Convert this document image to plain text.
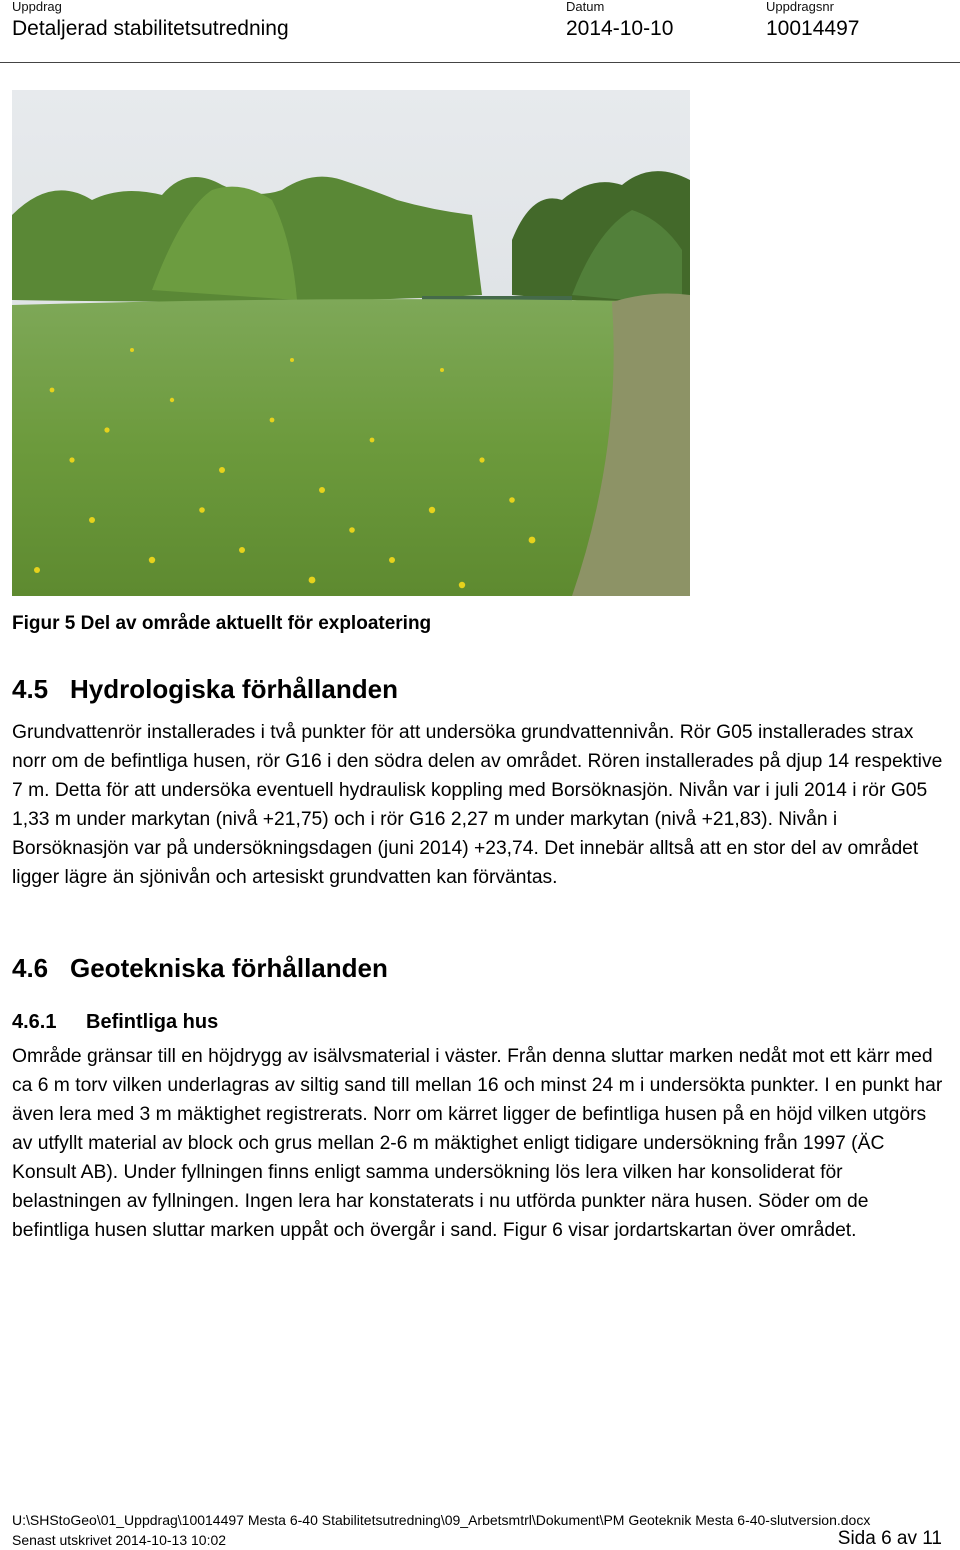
Uppdrag
Detaljerad stabilitetsutredning
Datum
2014-10-10
Uppdragsnr
10014497
Figur 5 Del av område aktuellt för exploatering
4.5 Hydrologiska förhållanden

Grundvattenrör installerades i två punkter för att undersöka grundvattennivån. Rör G05 installerades strax norr om de befintliga husen, rör G16 i den södra delen av området. Rören installerades på djup 14 respektive 7 m. Detta för att undersöka eventuell hydraulisk koppling med Borsöknasjön. Nivån var i juli 2014 i rör G05 1,33 m under markytan (nivå +21,75) och i rör G16 2,27 m under markytan (nivå +21,83). Nivån i Borsöknasjön var på undersökningsdagen (juni 2014) +23,74. Det innebär alltså att en stor del av området ligger lägre än sjönivån och artesiskt grundvatten kan förväntas.

4.6 Geotekniska förhållanden
4.6.1 Befintliga hus

Område gränsar till en höjdrygg av isälvsmaterial i väster. Från denna sluttar marken nedåt mot ett kärr med ca 6 m torv vilken underlagras av siltig sand till mellan 16 och minst 24 m i undersökta punkter. I en punkt har även lera med 3 m mäktighet registrerats. Norr om kärret ligger de befintliga husen på en höjd vilken utgörs av utfyllt material av block och grus mellan 2-6 m mäktighet enligt tidigare undersökning från 1997 (ÄC Konsult AB). Under fyllningen finns enligt samma undersökning lös lera vilken har konsoliderat för belastningen av fyllningen. Ingen lera har konstaterats i nu utförda punkter nära husen. Söder om de befintliga husen sluttar marken uppåt och övergår i sand. Figur 6 visar jordartskartan över området.

U:\SHStoGeo\01_Uppdrag\10014497 Mesta 6-40 Stabilitetsutredning\09_Arbetsmtrl\Dokument\PM Geoteknik Mesta 6-40-slutversion.docx
Senast utskrivet 2014-10-13 10:02	Sida 6 av 11
